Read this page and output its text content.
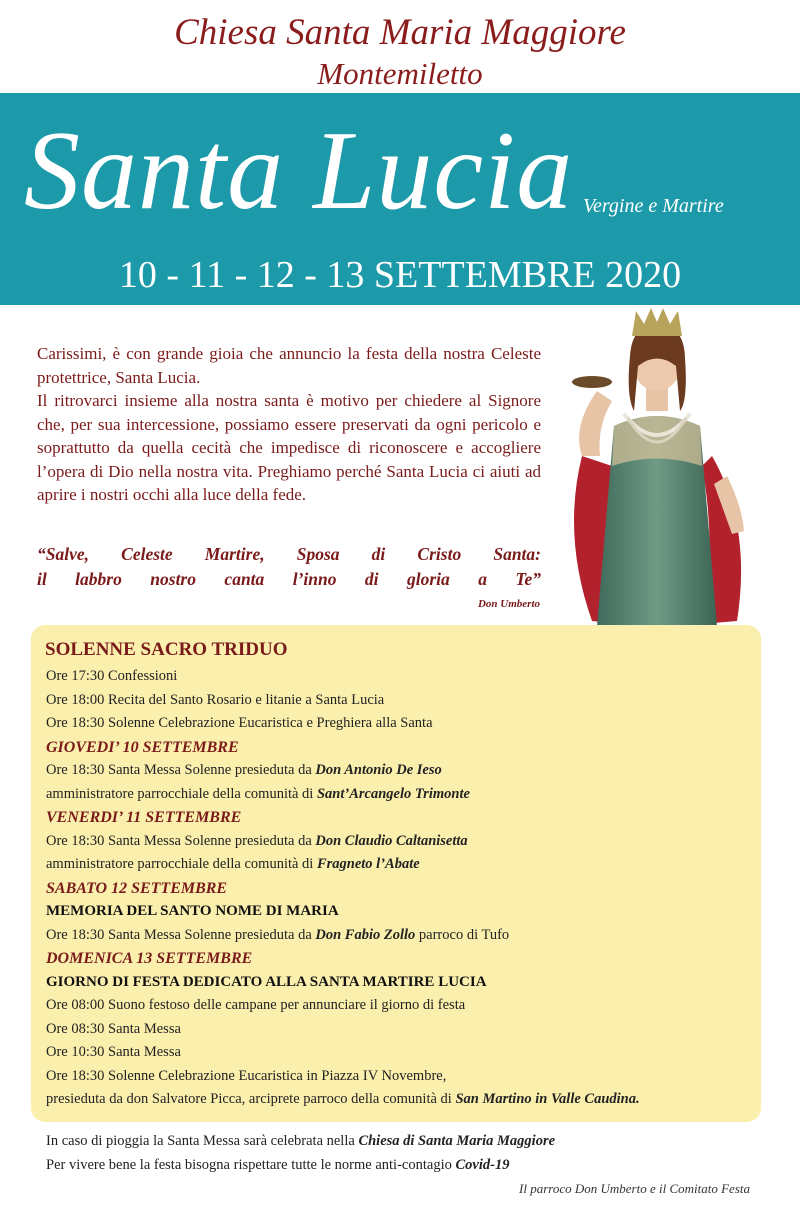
Chiesa Santa Maria Maggiore
Montemiletto
Santa Lucia Vergine e Martire
10 - 11 - 12 - 13 SETTEMBRE 2020

Carissimi, è con grande gioia che annuncio la festa della nostra Celeste protettrice, Santa Lucia.

Il ritrovarci insieme alla nostra santa è motivo per chiedere al Signore che, per sua intercessione, possiamo essere preservati da ogni pericolo e soprattutto da quella cecità che impedisce di riconoscere e accogliere l’opera di Dio nella nostra vita. Preghiamo perché Santa Lucia ci aiuti ad aprire i nostri occhi alla luce della fede.

“Salve, Celeste Martire, Sposa di Cristo Santa:
il labbro nostro canta l’inno di gloria a Te”
Don Umberto
SOLENNE SACRO TRIDUO
Ore 17:30 Confessioni
Ore 18:00 Recita del Santo Rosario e litanie a Santa Lucia
Ore 18:30 Solenne Celebrazione Eucaristica e Preghiera alla Santa
GIOVEDI’ 10 SETTEMBRE
Ore 18:30 Santa Messa Solenne presieduta da Don Antonio De Ieso
amministratore parrocchiale della comunità di Sant’Arcangelo Trimonte
VENERDI’ 11 SETTEMBRE
Ore 18:30 Santa Messa Solenne presieduta da Don Claudio Caltanisetta
amministratore parrocchiale della comunità di Fragneto l’Abate
SABATO 12 SETTEMBRE
MEMORIA DEL SANTO NOME DI MARIA
Ore 18:30 Santa Messa Solenne presieduta da Don Fabio Zollo parroco di Tufo
DOMENICA 13 SETTEMBRE
GIORNO DI FESTA DEDICATO ALLA SANTA MARTIRE LUCIA
Ore 08:00 Suono festoso delle campane per annunciare il giorno di festa
Ore 08:30 Santa Messa
Ore 10:30 Santa Messa
Ore 18:30 Solenne Celebrazione Eucaristica in Piazza IV Novembre,
presieduta da don Salvatore Picca, arciprete parroco della comunità di San Martino in Valle Caudina.
In caso di pioggia la Santa Messa sarà celebrata nella Chiesa di Santa Maria Maggiore
Per vivere bene la festa bisogna rispettare tutte le norme anti-contagio Covid-19
Il parroco Don Umberto e il Comitato Festa
